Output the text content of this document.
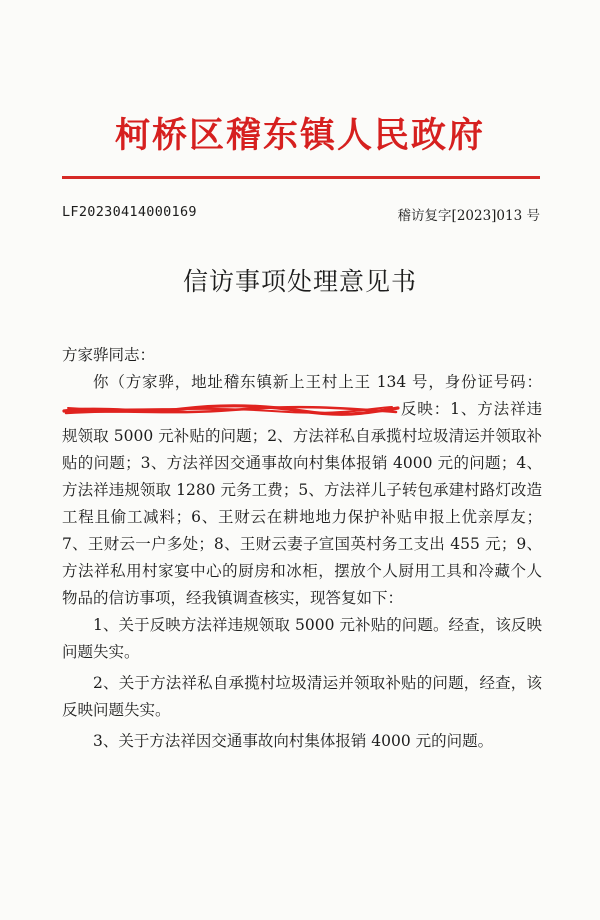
柯桥区稽东镇人民政府
LF20230414000169	稽访复字[2023]013 号
信访事项处理意见书

方家骅同志：

你（方家骅，地址稽东镇新上王村上王 134 号，身份证号码：反映：1、方法祥违规领取 5000 元补贴的问题；2、方法祥私自承揽村垃圾清运并领取补贴的问题；3、方法祥因交通事故向村集体报销 4000 元的问题；4、方法祥违规领取 1280 元务工费；5、方法祥儿子转包承建村路灯改造工程且偷工减料；6、王财云在耕地地力保护补贴申报上优亲厚友；7、王财云一户多处；8、王财云妻子宣国英村务工支出 455 元；9、方法祥私用村家宴中心的厨房和冰柜，摆放个人厨用工具和冷藏个人物品的信访事项，经我镇调查核实，现答复如下：

1、关于反映方法祥违规领取 5000 元补贴的问题。经查，该反映问题失实。

2、关于方法祥私自承揽村垃圾清运并领取补贴的问题，经查，该反映问题失实。

3、关于方法祥因交通事故向村集体报销 4000 元的问题。
